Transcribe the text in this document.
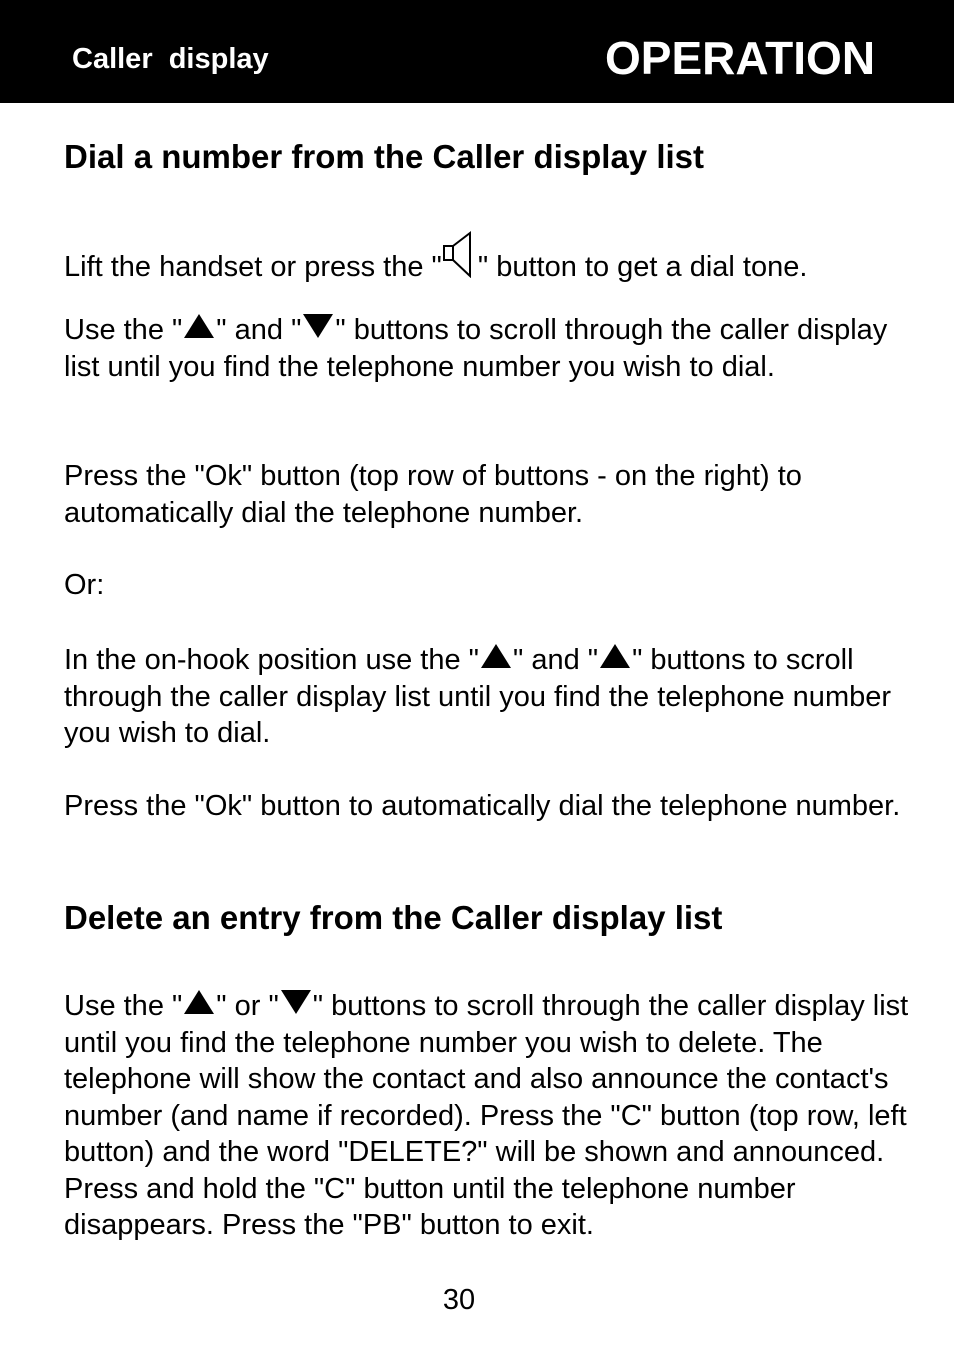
Caller  display	OPERATION
Dial a number from the Caller display list

Lift the handset or press the " " button to get a dial tone.

Use the " " and " " buttons to scroll through the caller display list until you find the telephone number you wish to dial.

Press the "Ok" button (top row of buttons - on the right) to automatically dial the telephone number.

Or:

In the on-hook position use the " " and " " buttons to scroll through the caller display list until you find the telephone number you wish to dial.

Press the "Ok" button to automatically dial the telephone number.

Delete an entry from the Caller display list

Use the " " or " " buttons to scroll through the caller display list until you find the telephone number you wish to delete. The telephone will show the contact and also announce the contact's number (and name if recorded). Press the "C" button (top row, left button) and the word "DELETE?" will be shown and announced. Press and hold the "C" button until the telephone number disappears. Press the "PB" button to exit.

30
